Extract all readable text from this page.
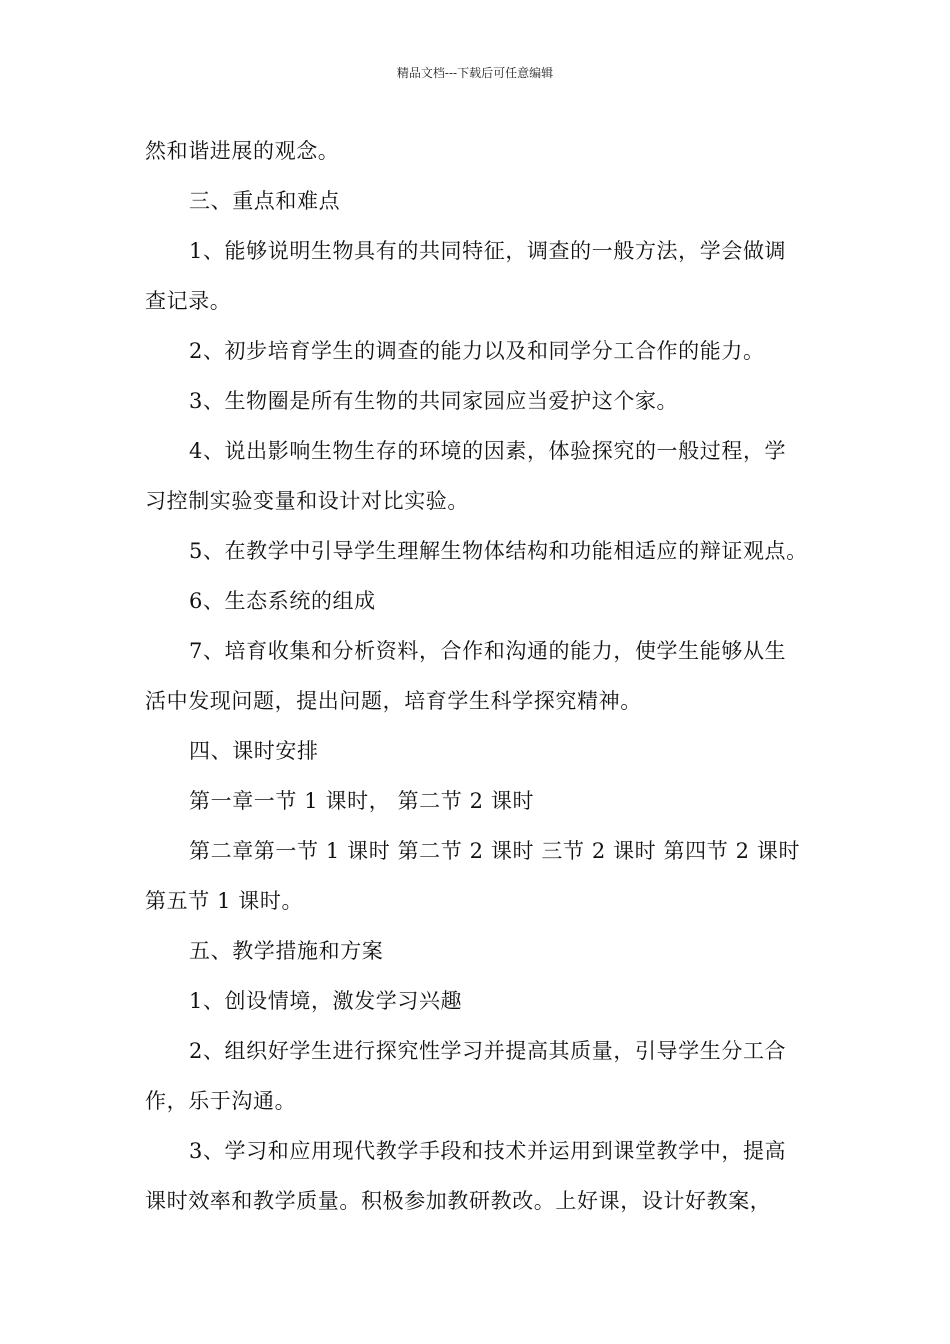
精品文档---下载后可任意编辑
然和谐进展的观念。
三、重点和难点
1、能够说明生物具有的共同特征，调查的一般方法，学会做调
查记录。
2、初步培育学生的调查的能力以及和同学分工合作的能力。
3、生物圈是所有生物的共同家园应当爱护这个家。
4、说出影响生物生存的环境的因素，体验探究的一般过程，学
习控制实验变量和设计对比实验。
5、在教学中引导学生理解生物体结构和功能相适应的辩证观点。
6、生态系统的组成
7、培育收集和分析资料，合作和沟通的能力，使学生能够从生
活中发现问题，提出问题，培育学生科学探究精神。
四、课时安排
第一章一节 1 课时， 第二节 2 课时
第二章第一节 1 课时 第二节 2 课时 三节 2 课时 第四节 2 课时
第五节 1 课时。
五、教学措施和方案
1、创设情境，激发学习兴趣
2、组织好学生进行探究性学习并提高其质量，引导学生分工合
作，乐于沟通。
3、学习和应用现代教学手段和技术并运用到课堂教学中，提高
课时效率和教学质量。积极参加教研教改。上好课，设计好教案，
